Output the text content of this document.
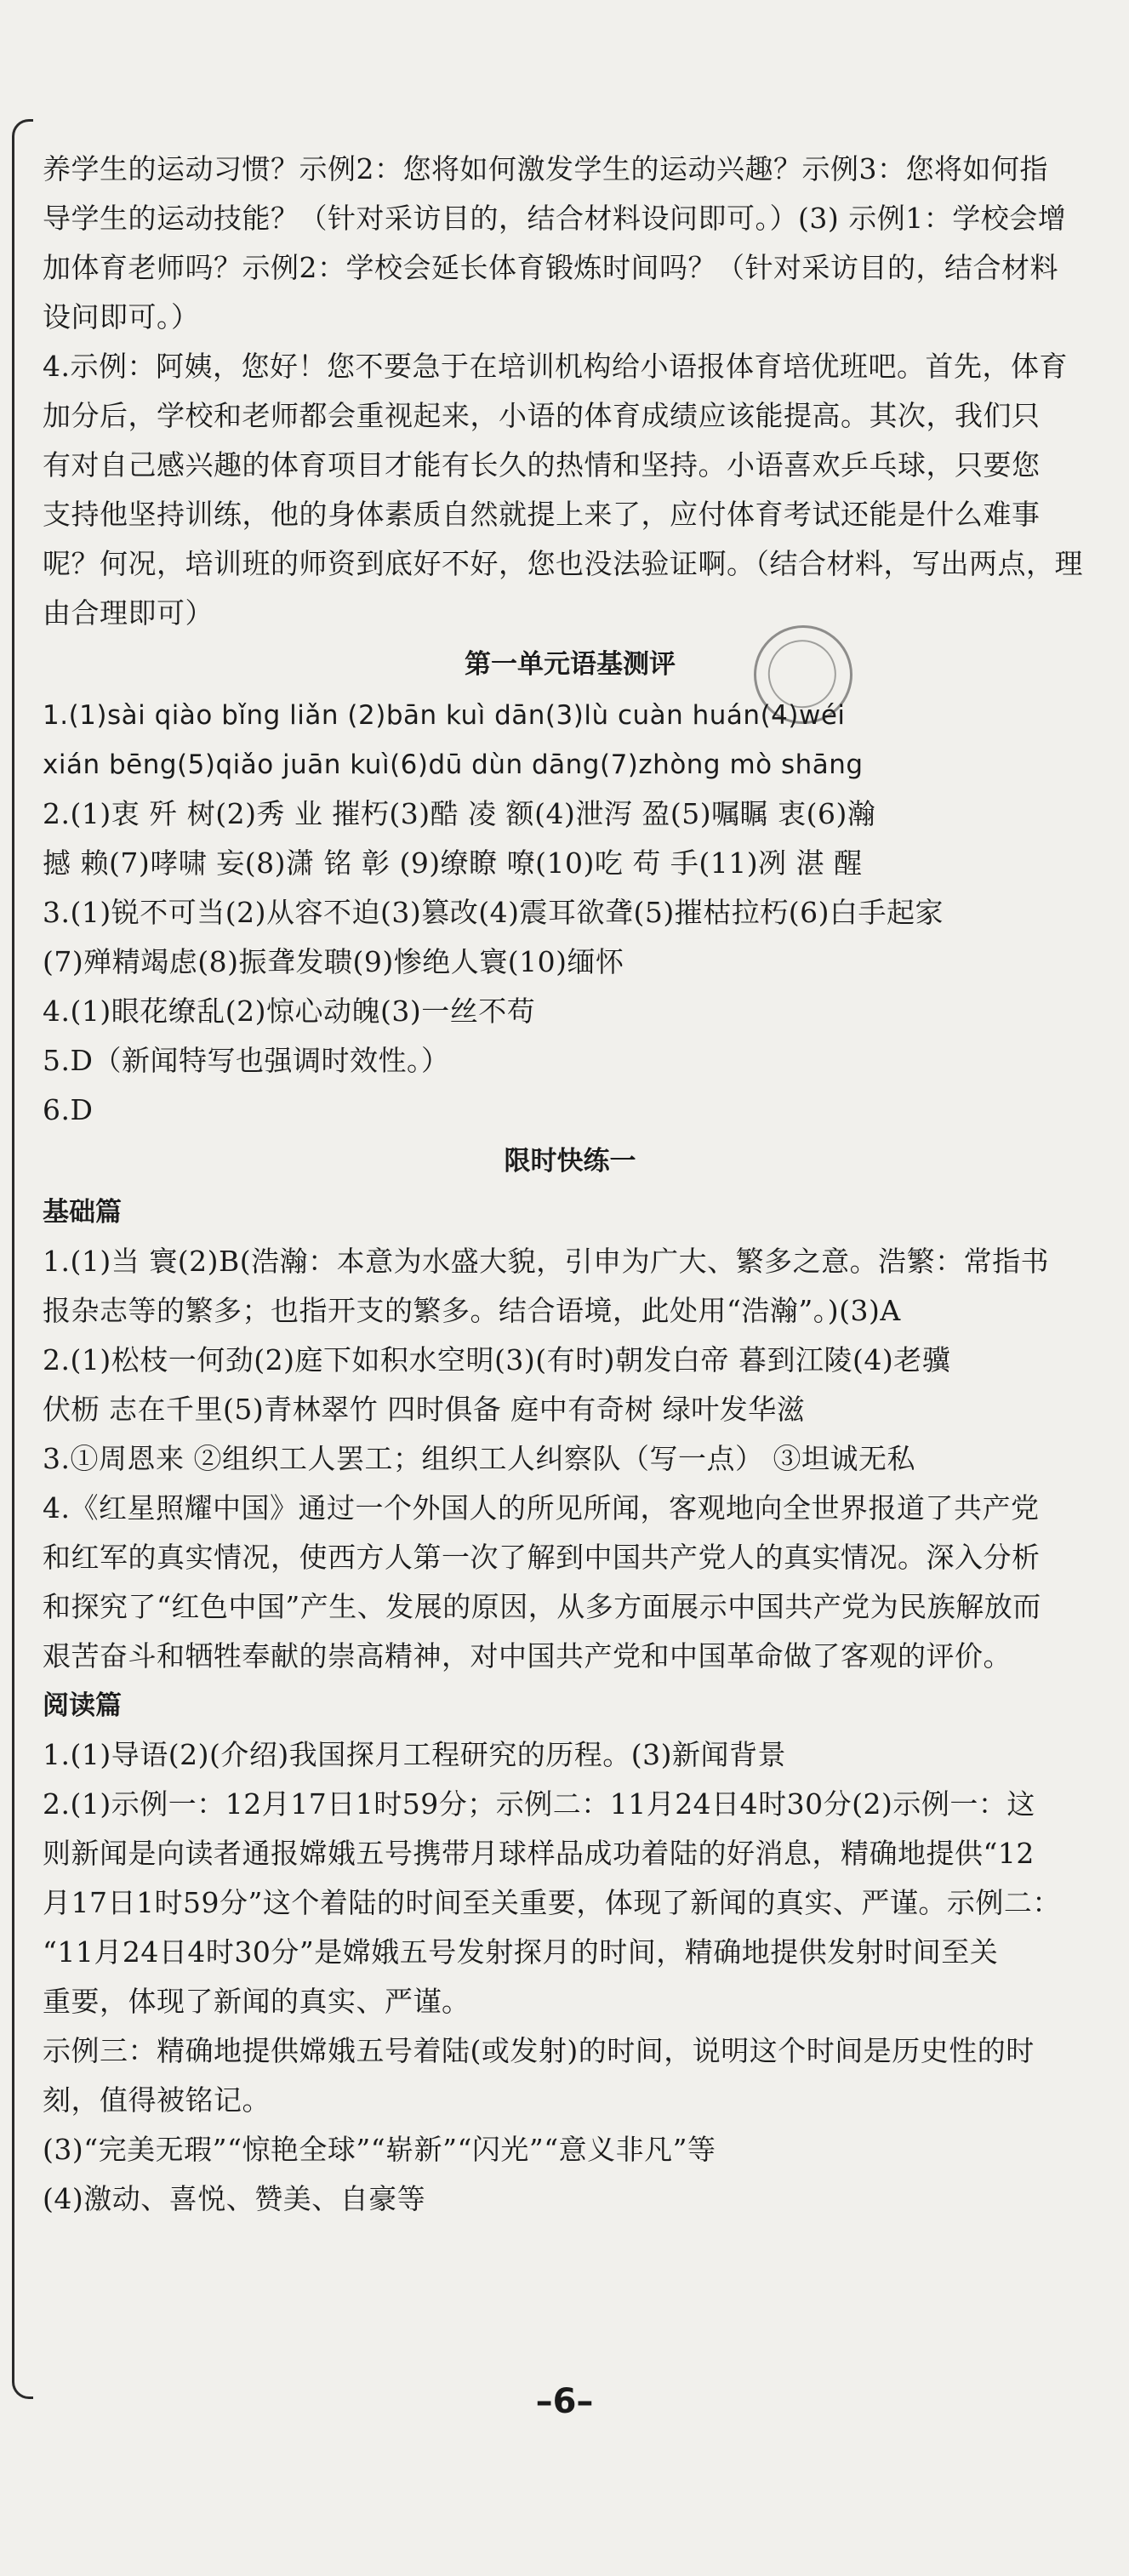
养学生的运动习惯？示例2：您将如何激发学生的运动兴趣？示例3：您将如何指
导学生的运动技能？（针对采访目的，结合材料设问即可。）(3) 示例1：学校会增
加体育老师吗？示例2：学校会延长体育锻炼时间吗？（针对采访目的，结合材料
设问即可。）
4.示例：阿姨，您好！您不要急于在培训机构给小语报体育培优班吧。首先，体育
加分后，学校和老师都会重视起来，小语的体育成绩应该能提高。其次，我们只
有对自己感兴趣的体育项目才能有长久的热情和坚持。小语喜欢乒乓球，只要您
支持他坚持训练，他的身体素质自然就提上来了，应付体育考试还能是什么难事
呢？何况，培训班的师资到底好不好，您也没法验证啊。（结合材料，写出两点，理
由合理即可）
第一单元语基测评
1.(1)sài qiào bǐng liǎn (2)bān kuì dān(3)lù cuàn huán(4)wéi
xián bēng(5)qiǎo juān kuì(6)dū dùn dāng(7)zhòng mò shāng
2.(1)衷 歼 树(2)秀 业 摧朽(3)酷 凌 额(4)泄泻 盈(5)嘱瞩 衷(6)瀚
撼 赖(7)哮啸 妄(8)潇 铭 彰 (9)缭瞭 嘹(10)吃 苟 手(11)冽 湛 醒
3.(1)锐不可当(2)从容不迫(3)篡改(4)震耳欲聋(5)摧枯拉朽(6)白手起家
(7)殚精竭虑(8)振聋发聩(9)惨绝人寰(10)缅怀
4.(1)眼花缭乱(2)惊心动魄(3)一丝不苟
5.D（新闻特写也强调时效性。）
6.D
限时快练一
基础篇
1.(1)当 寰(2)B(浩瀚：本意为水盛大貌，引申为广大、繁多之意。浩繁：常指书
报杂志等的繁多；也指开支的繁多。结合语境，此处用“浩瀚”。)(3)A
2.(1)松枝一何劲(2)庭下如积水空明(3)(有时)朝发白帝 暮到江陵(4)老骥
伏枥 志在千里(5)青林翠竹 四时俱备 庭中有奇树 绿叶发华滋
3.①周恩来 ②组织工人罢工；组织工人纠察队（写一点） ③坦诚无私
4.《红星照耀中国》通过一个外国人的所见所闻，客观地向全世界报道了共产党
和红军的真实情况，使西方人第一次了解到中国共产党人的真实情况。深入分析
和探究了“红色中国”产生、发展的原因，从多方面展示中国共产党为民族解放而
艰苦奋斗和牺牲奉献的崇高精神，对中国共产党和中国革命做了客观的评价。
阅读篇
1.(1)导语(2)(介绍)我国探月工程研究的历程。(3)新闻背景
2.(1)示例一：12月17日1时59分；示例二：11月24日4时30分(2)示例一：这
则新闻是向读者通报嫦娥五号携带月球样品成功着陆的好消息，精确地提供“12
月17日1时59分”这个着陆的时间至关重要，体现了新闻的真实、严谨。示例二：
“11月24日4时30分”是嫦娥五号发射探月的时间，精确地提供发射时间至关
重要，体现了新闻的真实、严谨。
示例三：精确地提供嫦娥五号着陆(或发射)的时间，说明这个时间是历史性的时
刻，值得被铭记。
(3)“完美无瑕”“惊艳全球”“崭新”“闪光”“意义非凡”等
(4)激动、喜悦、赞美、自豪等
–6–
